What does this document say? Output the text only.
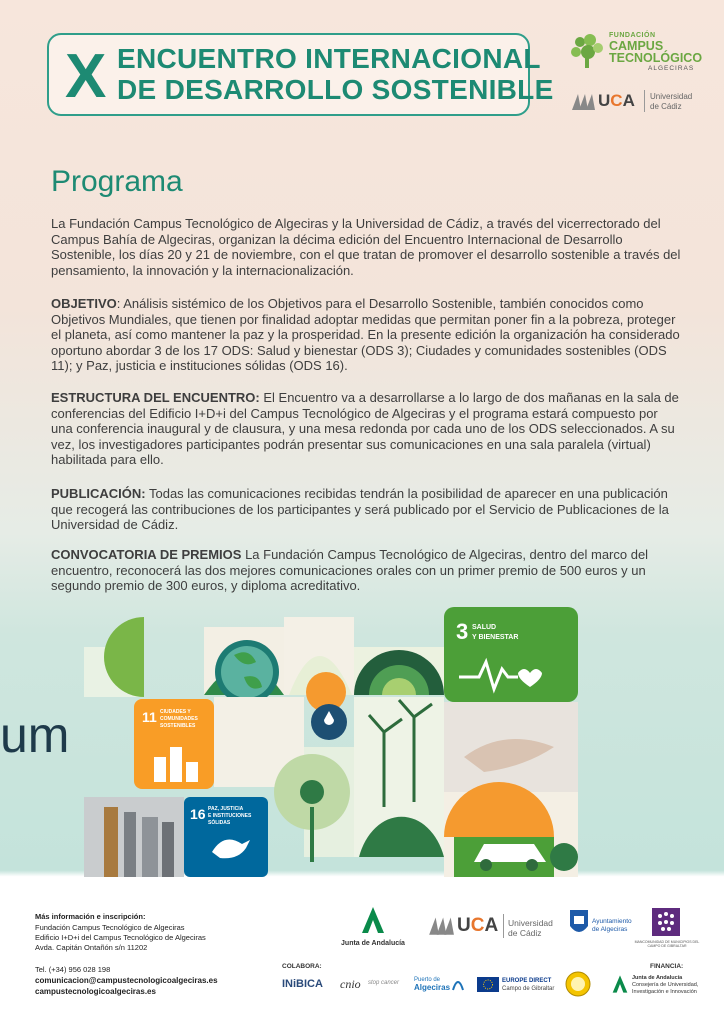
X ENCUENTRO INTERNACIONAL
DE DESARROLLO SOSTENIBLE
FUNDACIÓN
CAMPUS
TECNOLÓGICO
ALGECIRAS
UCA Universidad
de Cádiz
Programa

La Fundación Campus Tecnológico de Algeciras y la Universidad de Cádiz, a través del vicerrectorado del Campus Bahía de Algeciras, organizan la décima edición del Encuentro Internacional de Desarrollo Sostenible, los días 20 y 21 de noviembre, con el que tratan de promover el desarrollo sostenible a través del pensamiento, la innovación y la internacionalización.

OBJETIVO: Análisis sistémico de los Objetivos para el Desarrollo Sostenible, también conocidos como Objetivos Mundiales, que tienen por finalidad adoptar medidas que permitan poner fin a la pobreza, proteger el planeta, así como mantener la paz y la prosperidad. En la presente edición la organización ha considerado oportuno abordar 3 de los 17 ODS: Salud y bienestar (ODS 3); Ciudades y comunidades sostenibles (ODS 11); y Paz, justicia e instituciones sólidas (ODS 16).

ESTRUCTURA DEL ENCUENTRO: El Encuentro va a desarrollarse a lo largo de dos mañanas en la sala de conferencias del Edificio I+D+i del Campus Tecnológico de Algeciras y el programa estará compuesto por una conferencia inaugural y de clausura, y una mesa redonda por cada uno de los ODS seleccionados. A su vez, los investigadores participantes podrán presentar sus comunicaciones en una sala paralela (virtual) habilitada para ello.

PUBLICACIÓN: Todas las comunicaciones recibidas tendrán la posibilidad de aparecer en una publicación que recogerá las contribuciones de los participantes y será publicado por el Servicio de Publicaciones de la Universidad de Cádiz.

CONVOCATORIA DE PREMIOS La Fundación Campus Tecnológico de Algeciras, dentro del marco del encuentro, reconocerá las dos mejores comunicaciones orales con un primer premio de 500 euros y un segundo premio de 300 euros, y diploma acreditativo.

um
3 SALUD
Y BIENESTAR
11 CIUDADES Y
COMUNIDADES
SOSTENIBLES
16 PAZ, JUSTICIA
E INSTITUCIONES
SÓLIDAS
Más información e inscripción:
Fundación Campus Tecnológico de Algeciras
Edificio I+D+i del Campus Tecnológico de Algeciras
Avda. Capitán Ontañón s/n 11202
Tel. (+34) 956 028 198
comunicacion@campustecnologicoalgeciras.es
campustecnologicoalgeciras.es
Junta de Andalucía
UCA Universidad
de Cádiz
Ayuntamiento
de Algeciras
MANCOMUNIDAD DE MUNICIPIOS DEL CAMPO DE GIBRALTAR
COLABORA:	FINANCIA:
INiBICA cnio stop cancer Puerto de
Algeciras
EUROPE DIRECT
Campo de Gibraltar
Junta de Andalucía
Consejería de Universidad,
Investigación e Innovación
